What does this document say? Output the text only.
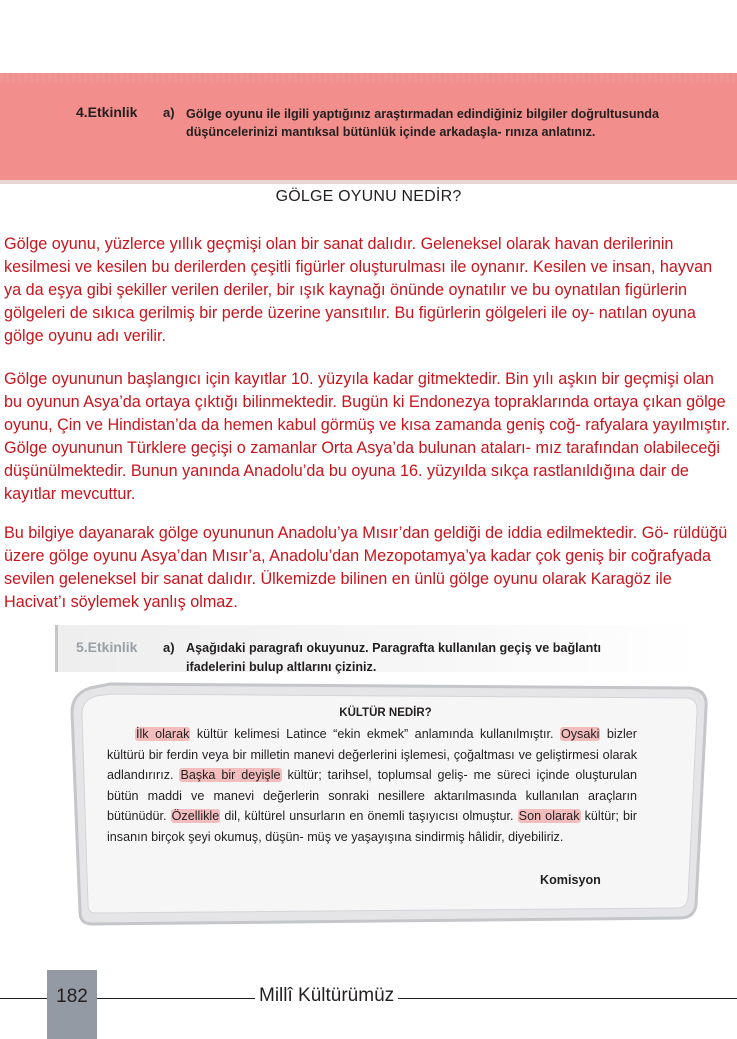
4.Etkinlik a) Gölge oyunu ile ilgili yaptığınız araştırmadan edindiğiniz bilgiler doğrultusunda düşüncelerinizi mantıksal bütünlük içinde arkadaşla- rınıza anlatınız.
GÖLGE OYUNU NEDİR?
Gölge oyunu, yüzlerce yıllık geçmişi olan bir sanat dalıdır. Geleneksel olarak havan derilerinin kesilmesi ve kesilen bu derilerden çeşitli figürler oluşturulması ile oynanır. Kesilen ve insan, hayvan ya da eşya gibi şekiller verilen deriler, bir ışık kaynağı önünde oynatılır ve bu oynatılan figürlerin gölgeleri de sıkıca gerilmiş bir perde üzerine yansıtılır. Bu figürlerin gölgeleri ile oy- natılan oyuna gölge oyunu adı verilir.
Gölge oyununun başlangıcı için kayıtlar 10. yüzyıla kadar gitmektedir. Bin yılı aşkın bir geçmişi olan bu oyunun Asya’da ortaya çıktığı bilinmektedir. Bugün ki Endonezya topraklarında ortaya çıkan gölge oyunu, Çin ve Hindistan’da da hemen kabul görmüş ve kısa zamanda geniş coğ- rafyalara yayılmıştır. Gölge oyununun Türklere geçişi o zamanlar Orta Asya’da bulunan ataları- mız tarafından olabileceği düşünülmektedir. Bunun yanında Anadolu’da bu oyuna 16. yüzyılda sıkça rastlanıldığına dair de kayıtlar mevcuttur.
Bu bilgiye dayanarak gölge oyununun Anadolu’ya Mısır’dan geldiği de iddia edilmektedir. Gö- rüldüğü üzere gölge oyunu Asya’dan Mısır’a, Anadolu’dan Mezopotamya’ya kadar çok geniş bir coğrafyada sevilen geleneksel bir sanat dalıdır. Ülkemizde bilinen en ünlü gölge oyunu olarak Karagöz ile Hacivat’ı söylemek yanlış olmaz.
5.Etkinlik a) Aşağıdaki paragrafı okuyunuz. Paragrafta kullanılan geçiş ve bağlantı ifadelerini bulup altlarını çiziniz.
KÜLTÜR NEDİR?
İlk olarak kültür kelimesi Latince “ekin ekmek” anlamında kullanılmıştır. Oysaki bizler kültürü bir ferdin veya bir milletin manevi değerlerini işlemesi, çoğaltması ve geliştirmesi olarak adlandırırız. Başka bir deyişle kültür; tarihsel, toplumsal geliş- me süreci içinde oluşturulan bütün maddi ve manevi değerlerin sonraki nesillere aktarılmasında kullanılan araçların bütünüdür. Özellikle dil, kültürel unsurların en önemli taşıyıcısı olmuştur. Son olarak kültür; bir insanın birçok şeyi okumuş, düşün- müş ve yaşayışına sindirmiş hâlidir, diyebiliriz.
Komisyon
182	Millî Kültürümüz
